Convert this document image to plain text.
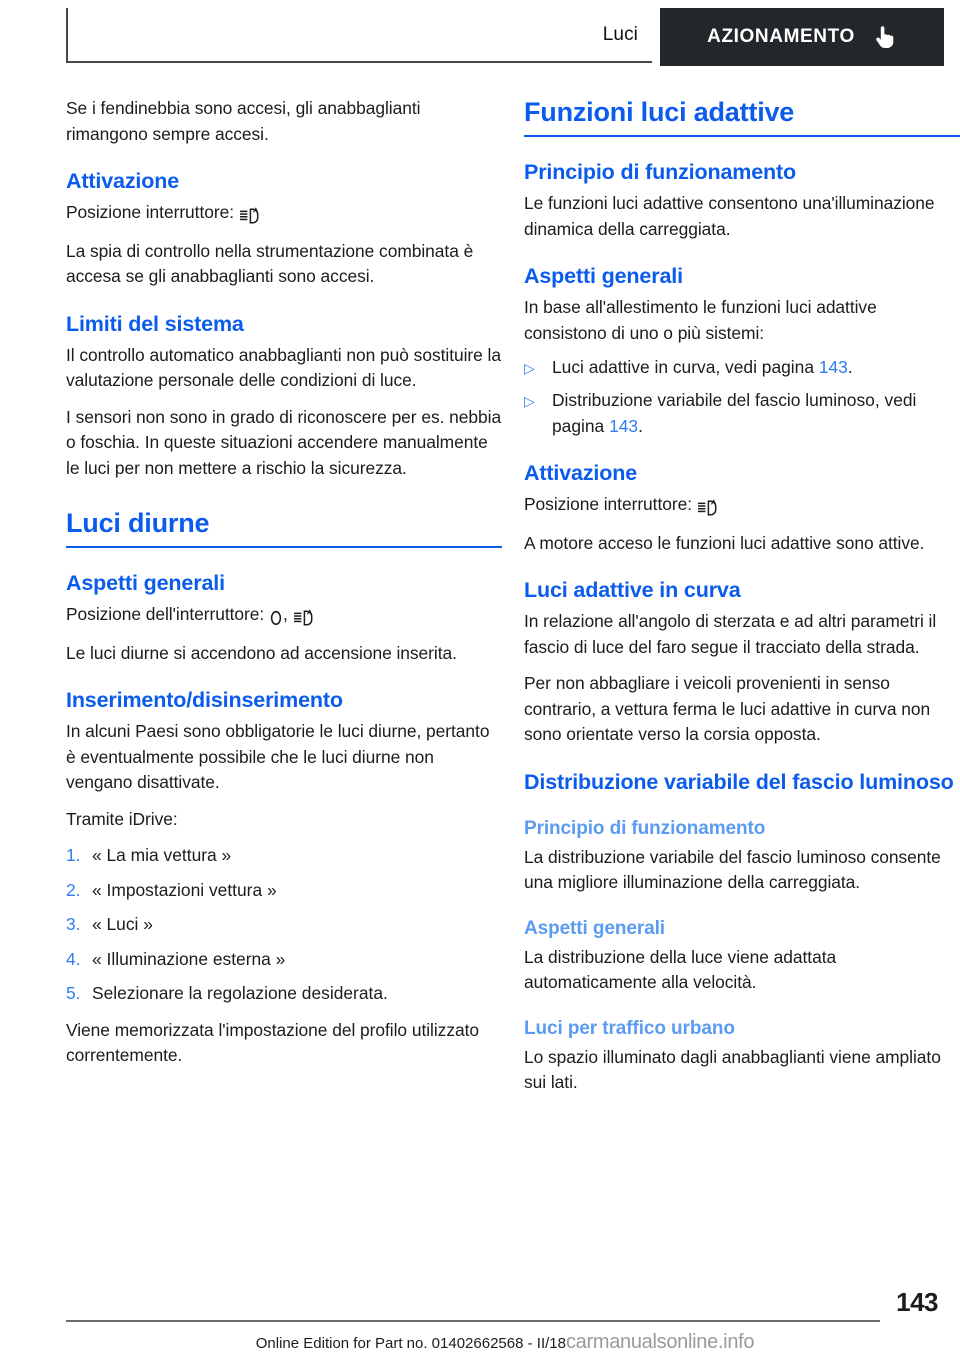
Luci	AZIONAMENTO

Se i fendinebbia sono accesi, gli anabbaglianti rimangono sempre accesi.

Attivazione

Posizione interruttore:

La spia di controllo nella strumentazione combinata è accesa se gli anabbaglianti sono accesi.

Limiti del sistema

Il controllo automatico anabbaglianti non può sostituire la valutazione personale delle condizioni di luce.

I sensori non sono in grado di riconoscere per es. nebbia o foschia. In queste situazioni accendere manualmente le luci per non mettere a rischio la sicurezza.

Luci diurne
Aspetti generali

Posizione dell'interruttore: ,

Le luci diurne si accendono ad accensione inserita.

Inserimento/disinserimento

In alcuni Paesi sono obbligatorie le luci diurne, pertanto è eventualmente possibile che le luci diurne non vengano disattivate.

Tramite iDrive:

1. « La mia vettura »
2. « Impostazioni vettura »
3. « Luci »
4. « Illuminazione esterna »
5. Selezionare la regolazione desiderata.

Viene memorizzata l'impostazione del profilo utilizzato correntemente.

Funzioni luci adattive
Principio di funzionamento

Le funzioni luci adattive consentono una'illuminazione dinamica della carreggiata.

Aspetti generali

In base all'allestimento le funzioni luci adattive consistono di uno o più sistemi:

▷ Luci adattive in curva, vedi pagina 143.
▷ Distribuzione variabile del fascio luminoso, vedi pagina 143.
Attivazione

Posizione interruttore:

A motore acceso le funzioni luci adattive sono attive.

Luci adattive in curva

In relazione all'angolo di sterzata e ad altri parametri il fascio di luce del faro segue il tracciato della strada.

Per non abbagliare i veicoli provenienti in senso contrario, a vettura ferma le luci adattive in curva non sono orientate verso la corsia opposta.

Distribuzione variabile del fascio luminoso
Principio di funzionamento

La distribuzione variabile del fascio luminoso consente una migliore illuminazione della carreggiata.

Aspetti generali

La distribuzione della luce viene adattata automaticamente alla velocità.

Luci per traffico urbano

Lo spazio illuminato dagli anabbaglianti viene ampliato sui lati.

143
Online Edition for Part no. 01402662568 - II/18carmanualsonline.info
